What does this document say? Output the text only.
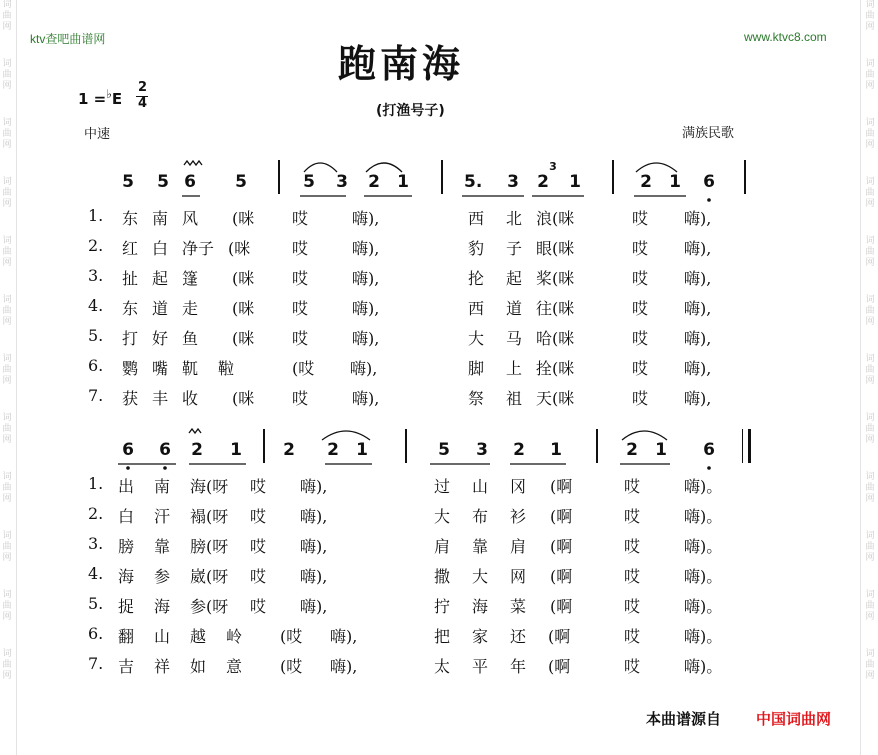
词
曲
网
词
曲
网
词
曲
网
词
曲
网
词
曲
网
词
曲
网
词
曲
网
词
曲
网
词
曲
网
词
曲
网
词
曲
网
词
曲
网
词
曲
网
词
曲
网
词
曲
网
词
曲
网
词
曲
网
词
曲
网
词
曲
网
词
曲
网
词
曲
网
词
曲
网
词
曲
网
词
曲
网
ktv查吧曲谱网	www.ktvc8.com
跑南海
(打渔号子)
1 =♭E
2
4
中速	满族民歌
5 5 6 5	5 3 2 1	5. 3 2 1	2 1 6
3
1. 东 南 风 (咪 哎	嗨),	西 北 浪(咪	哎 嗨),
2. 红 白 净子 (咪	哎	嗨),	豹 子 眼(咪	哎 嗨),
3. 扯 起 篷 (咪 哎	嗨),	抡 起 桨(咪	哎 嗨),
4. 东 道 走 (咪 哎	嗨),	西 道 往(咪	哎 嗨),
5. 打 好 鱼 (咪 哎	嗨),	大 马 哈(咪	哎 嗨),
6. 鹦 嘴 靰 鞡	(哎 嗨),	脚 上 拴(咪	哎 嗨),
7. 获 丰 收 (咪 哎	嗨),	祭 祖 天(咪	哎 嗨),
6 6 2 1 2 2 1	5 3 2 1	2 1 6
1. 出 南 海(呀 哎 嗨),	过 山 冈 (啊	哎	嗨)。
2. 白 汗 褟(呀 哎 嗨),	大 布 衫 (啊	哎	嗨)。
3. 膀 靠 膀(呀 哎 嗨),	肩 靠 肩 (啊	哎	嗨)。
4. 海 参 崴(呀 哎 嗨),	撒 大 网 (啊	哎	嗨)。
5. 捉 海 参(呀 哎 嗨),	拧 海 菜 (啊	哎	嗨)。
6. 翻 山 越 岭 (哎 嗨),	把 家 还 (啊	哎	嗨)。
7. 吉 祥 如 意 (哎 嗨),	太 平 年 (啊	哎	嗨)。
本曲谱源自 中国词曲网
